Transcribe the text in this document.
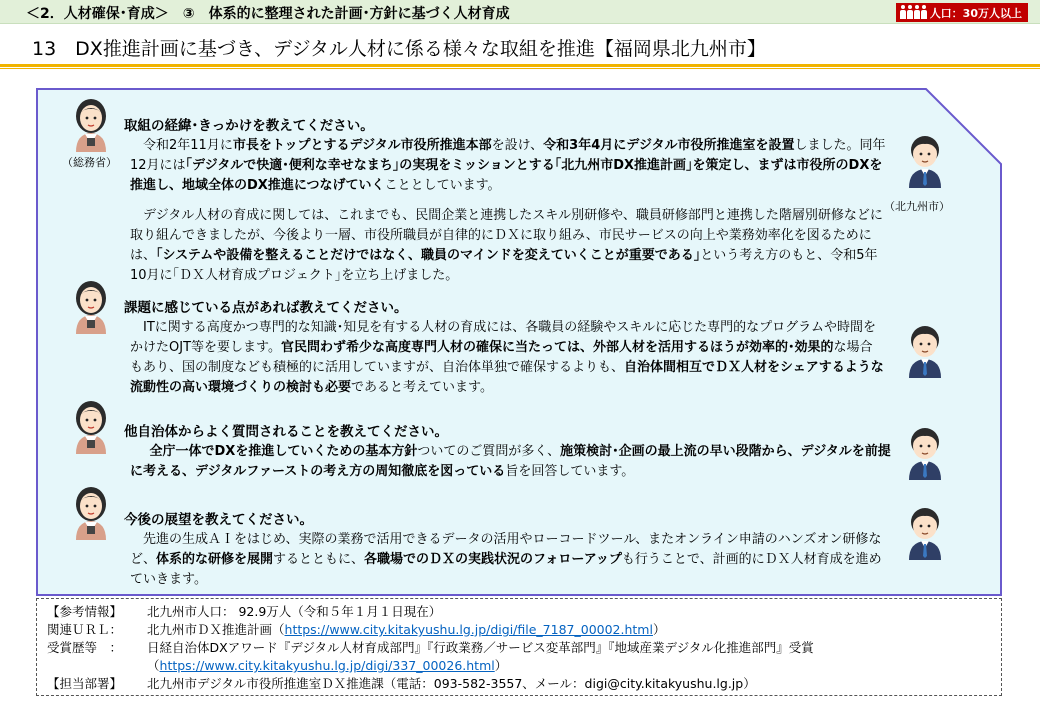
＜2．人材確保･育成＞　③　体系的に整理された計画･方針に基づく人材育成	人口：30万人以上
13　DX推進計画に基づき、デジタル人材に係る様々な取組を推進【福岡県北九州市】
（総務省）
（北九州市）
取組の経緯･きっかけを教えてください。
令和2年11月に市長をトップとするデジタル市役所推進本部を設け、令和3年4月にデジタル市役所推進室を設置しました。同年12月には｢デジタルで快適･便利な幸せなまち｣の実現をミッションとする｢北九州市DX推進計画｣を策定し、まずは市役所のDXを推進し、地域全体のDX推進につなげていくこととしています。
デジタル人材の育成に関しては、これまでも、民間企業と連携したスキル別研修や、職員研修部門と連携した階層別研修などに取り組んできましたが、今後より一層、市役所職員が自律的にＤＸに取り組み、市民サービスの向上や業務効率化を図るためには、｢システムや設備を整えることだけではなく、職員のマインドを変えていくことが重要である｣という考え方のもと、令和5年10月に｢ＤＸ人材育成プロジェクト｣を立ち上げました。
課題に感じている点があれば教えてください。
ITに関する高度かつ専門的な知識･知見を有する人材の育成には、各職員の経験やスキルに応じた専門的なプログラムや時間をかけたOJT等を要します。官民問わず希少な高度専門人材の確保に当たっては、外部人材を活用するほうが効率的･効果的な場合もあり、国の制度なども積極的に活用していますが、自治体単独で確保するよりも、自治体間相互でＤＸ人材をシェアするような流動性の高い環境づくりの検討も必要であると考えています。
他自治体からよく質問されることを教えてください。
全庁一体でDXを推進していくための基本方針ついてのご質問が多く、施策検討･企画の最上流の早い段階から、デジタルを前提に考える、デジタルファーストの考え方の周知徹底を図っている旨を回答しています。
今後の展望を教えてください。
先進の生成ＡＩをはじめ、実際の業務で活用できるデータの活用やローコードツール、またオンライン申請のハンズオン研修など、体系的な研修を展開するとともに、各職場でのＤＸの実践状況のフォローアップも行うことで、計画的にＤＸ人材育成を進めていきます。
【参考情報】	北九州市人口： 92.9万人（令和５年１月１日現在）
関連ＵＲＬ：	北九州市ＤＸ推進計画（https://www.city.kitakyushu.lg.jp/digi/file_7187_00002.html）
受賞歴等　：	日経自治体DXアワード『デジタル人材育成部門』『行政業務／サービス変革部門』『地域産業デジタル化推進部門』受賞
（https://www.city.kitakyushu.lg.jp/digi/337_00026.html）
【担当部署】	北九州市デジタル市役所推進室ＤＸ推進課（電話：093-582-3557、メール：digi@city.kitakyushu.lg.jp）
